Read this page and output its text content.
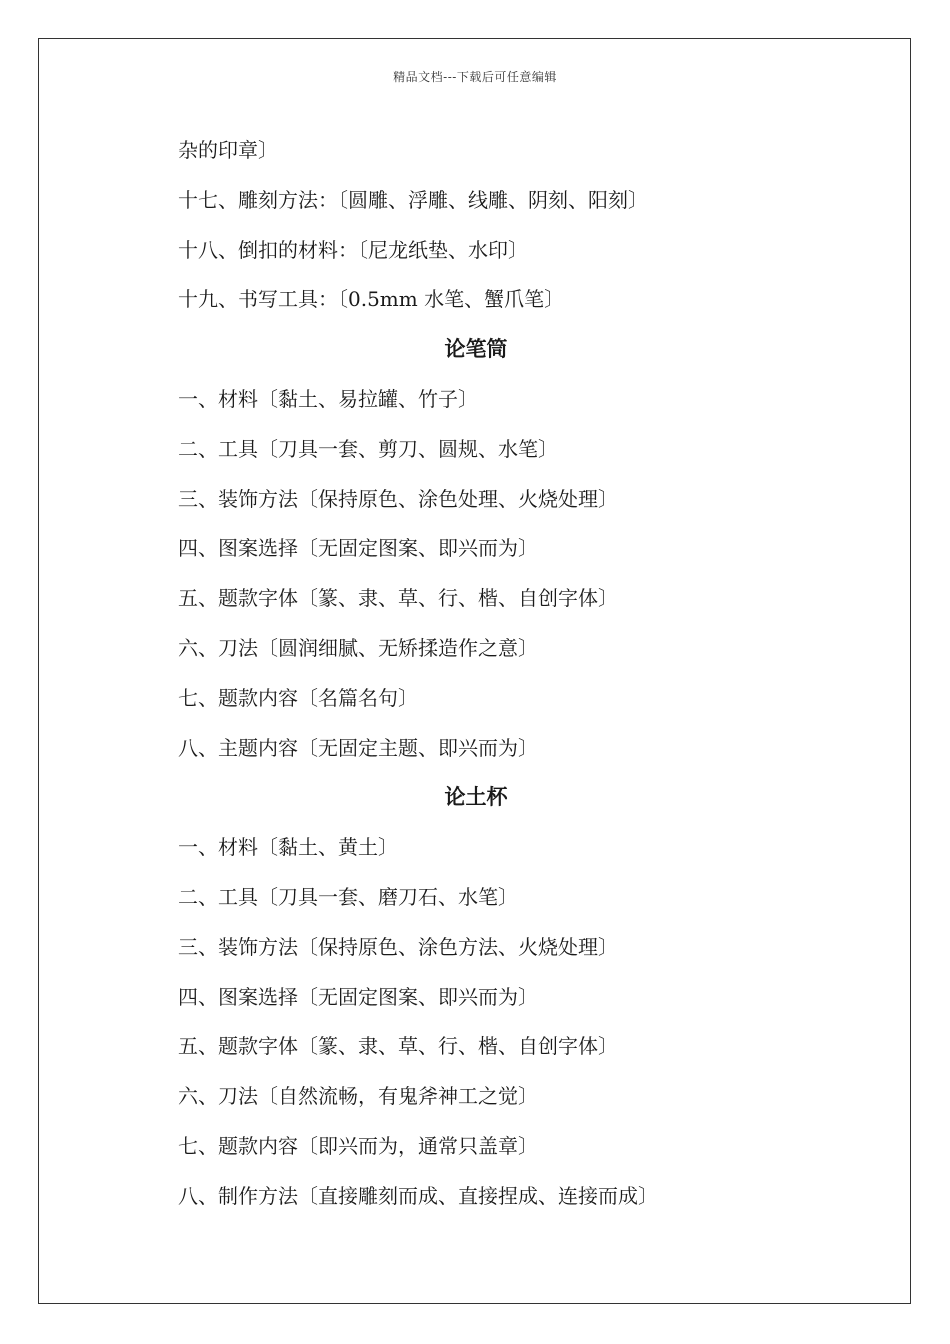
精品文档---下载后可任意编辑
杂的印章〕
十七、雕刻方法：〔圆雕、浮雕、线雕、阴刻、阳刻〕
十八、倒扣的材料：〔尼龙纸垫、水印〕
十九、书写工具：〔0.5mm 水笔、蟹爪笔〕
论笔筒
一、材料〔黏土、易拉罐、竹子〕
二、工具〔刀具一套、剪刀、圆规、水笔〕
三、装饰方法〔保持原色、涂色处理、火烧处理〕
四、图案选择〔无固定图案、即兴而为〕
五、题款字体〔篆、隶、草、行、楷、自创字体〕
六、刀法〔圆润细腻、无矫揉造作之意〕
七、题款内容〔名篇名句〕
八、主题内容〔无固定主题、即兴而为〕
论土杯
一、材料〔黏土、黄土〕
二、工具〔刀具一套、磨刀石、水笔〕
三、装饰方法〔保持原色、涂色方法、火烧处理〕
四、图案选择〔无固定图案、即兴而为〕
五、题款字体〔篆、隶、草、行、楷、自创字体〕
六、刀法〔自然流畅，有鬼斧神工之觉〕
七、题款内容〔即兴而为，通常只盖章〕
八、制作方法〔直接雕刻而成、直接捏成、连接而成〕
